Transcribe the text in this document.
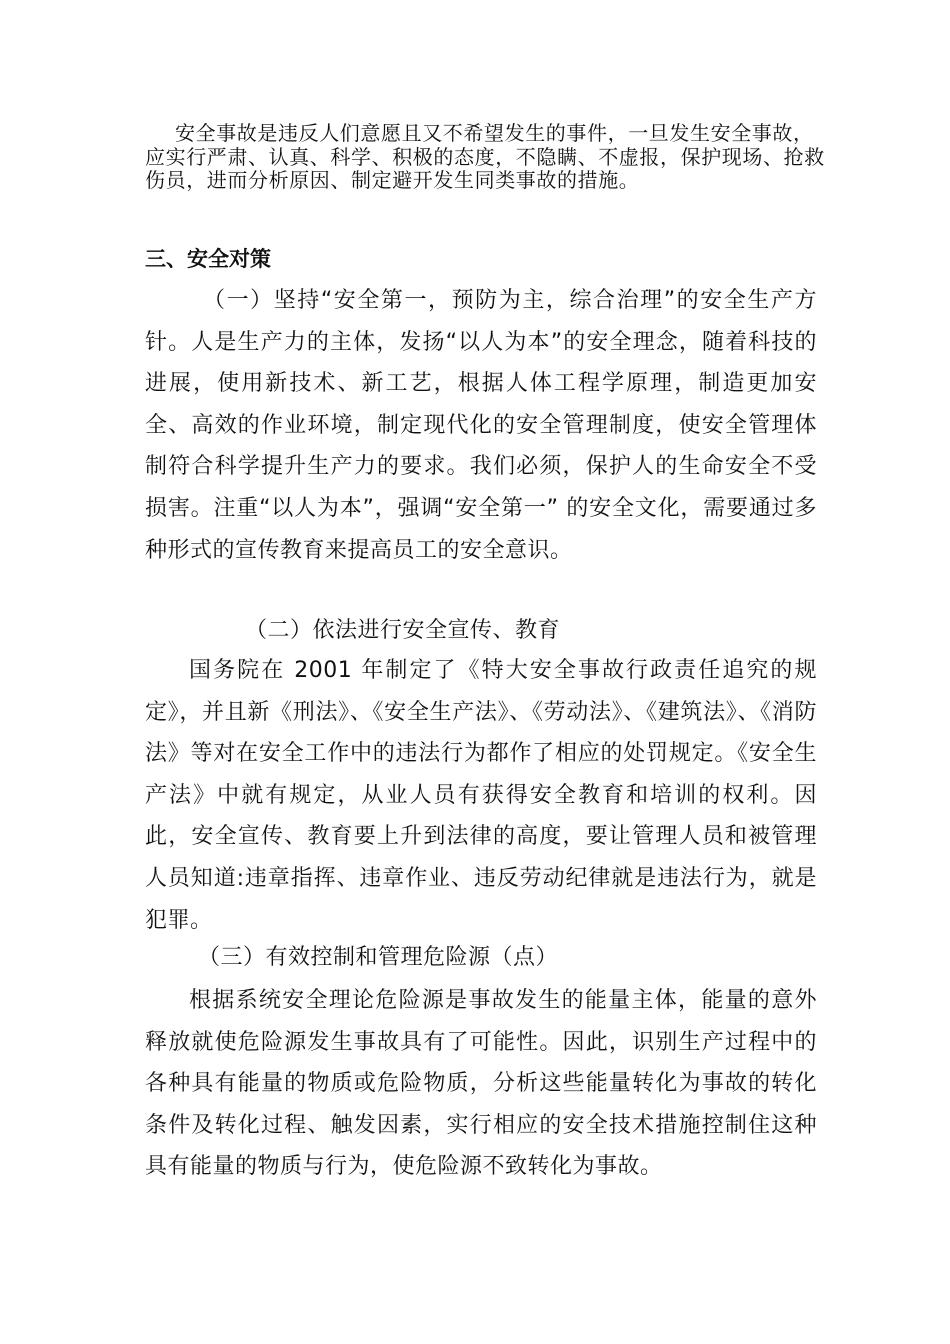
安全事故是违反人们意愿且又不希望发生的事件，一旦发生安全事故，应实行严肃、认真、科学、积极的态度，不隐瞒、不虚报，保护现场、抢救伤员，进而分析原因、制定避开发生同类事故的措施。

三、安全对策

（一）坚持“安全第一，预防为主，综合治理”的安全生产方针。人是生产力的主体，发扬“以人为本”的安全理念，随着科技的进展，使用新技术、新工艺，根据人体工程学原理，制造更加安全、高效的作业环境，制定现代化的安全管理制度，使安全管理体制符合科学提升生产力的要求。我们必须，保护人的生命安全不受损害。注重“以人为本”，强调“安全第一” 的安全文化，需要通过多种形式的宣传教育来提高员工的安全意识。

（二）依法进行安全宣传、教育

国务院在 2001 年制定了《特大安全事故行政责任追究的规定》，并且新《刑法》、《安全生产法》、《劳动法》、《建筑法》、《消防法》等对在安全工作中的违法行为都作了相应的处罚规定。《安全生产法》中就有规定，从业人员有获得安全教育和培训的权利。因此，安全宣传、教育要上升到法律的高度，要让管理人员和被管理人员知道:违章指挥、违章作业、违反劳动纪律就是违法行为，就是犯罪。

（三）有效控制和管理危险源（点）

根据系统安全理论危险源是事故发生的能量主体，能量的意外释放就使危险源发生事故具有了可能性。因此，识别生产过程中的各种具有能量的物质或危险物质，分析这些能量转化为事故的转化条件及转化过程、触发因素，实行相应的安全技术措施控制住这种具有能量的物质与行为，使危险源不致转化为事故。
